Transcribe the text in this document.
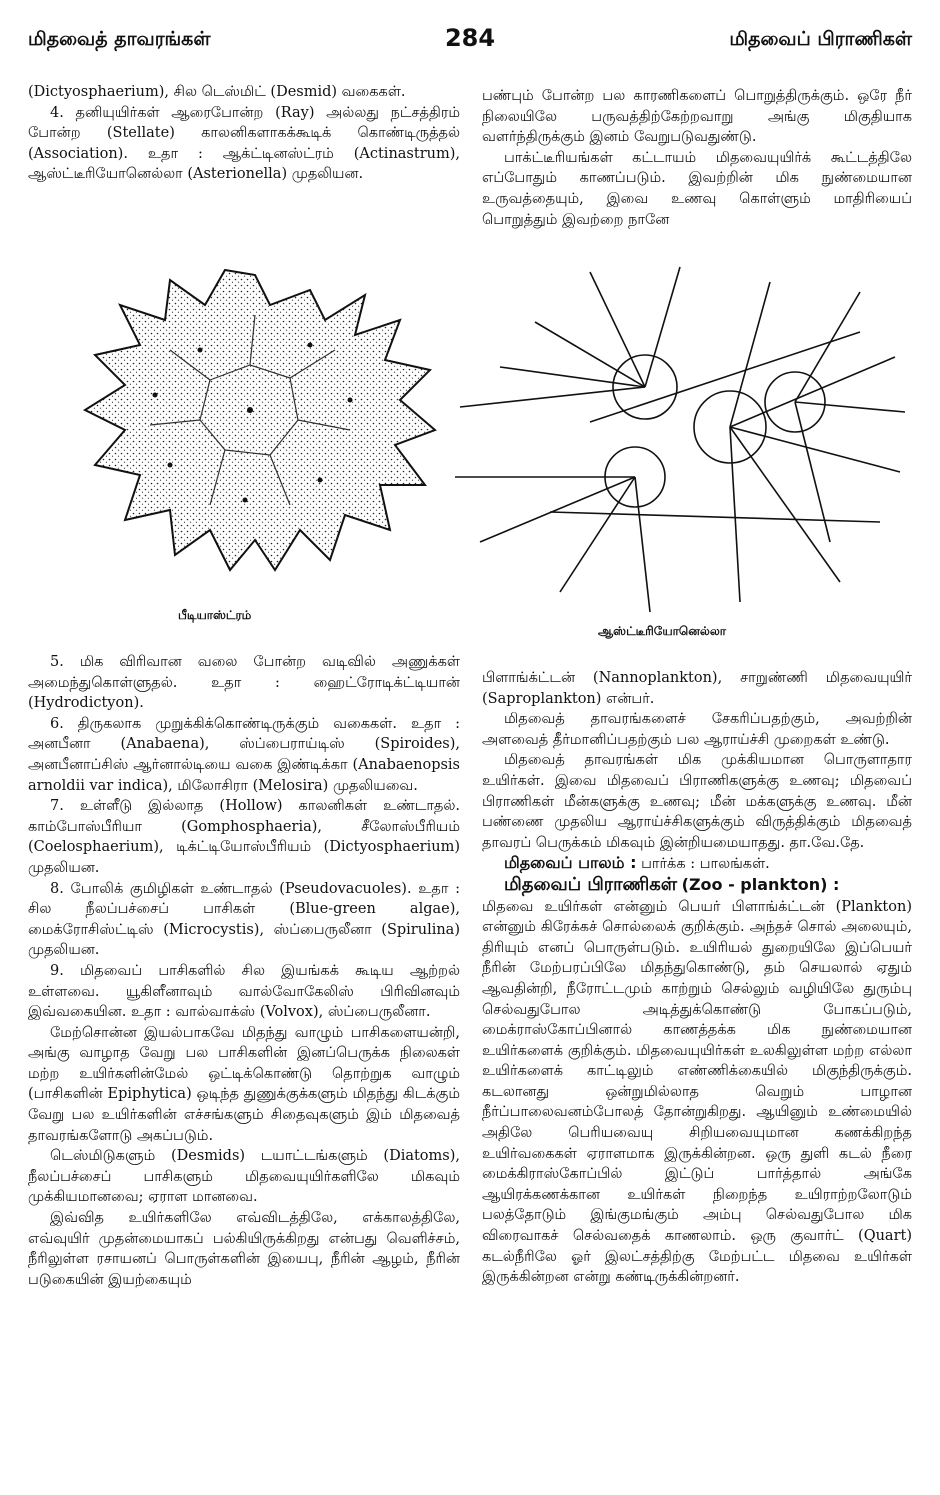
மிதவைத் தாவரங்கள்	284	மிதவைப் பிராணிகள்

(Dictyosphaerium), சில டெஸ்மிட் (Desmid) வகைகள்.

4. தனியுயிர்கள் ஆரைபோன்ற (Ray) அல்லது நட்சத்திரம் போன்ற (Stellate) காலனிகளாகக்கூடிக் கொண்டிருத்தல் (Association). உதா : ஆக்ட்டினஸ்ட்ரம் (Actinastrum), ஆஸ்ட்டீரியோனெல்லா (Asterionella) முதலியன.

பண்பும் போன்ற பல காரணிகளைப் பொறுத்திருக்கும். ஒரே நீர் நிலையிலே பருவத்திற்கேற்றவாறு அங்கு மிகுதியாக வளர்ந்திருக்கும் இனம் வேறுபடுவதுண்டு.

பாக்ட்டீரியங்கள் கட்டாயம் மிதவையுயிர்க் கூட்டத்திலே எப்போதும் காணப்படும். இவற்றின் மிக நுண்மையான உருவத்தையும், இவை உணவு கொள்ளும் மாதிரியைப் பொறுத்தும் இவற்றை நானே

பீடியாஸ்ட்ரம்
ஆஸ்ட்டீரியோனெல்லா

5. மிக விரிவான வலை போன்ற வடிவில் அணுக்கள் அமைந்துகொள்ளுதல். உதா : ஹைட்ரோடிக்ட்டியான் (Hydrodictyon).

6. திருகலாக முறுக்கிக்கொண்டிருக்கும் வகைகள். உதா : அனபீனா (Anabaena), ஸ்ப்பைராய்டிஸ் (Spiroides), அனபீனாப்சிஸ் ஆர்னால்டியை வகை இண்டிக்கா (Anabaenopsis arnoldii var indica), மிலோசிரா (Melosira) முதலியவை.

7. உள்ளீடு இல்லாத (Hollow) காலனிகள் உண்டாதல். காம்போஸ்பீரியா (Gomphosphaeria), சீலோஸ்பீரியம் (Coelosphaerium), டிக்ட்டியோஸ்பீரியம் (Dictyosphaerium) முதலியன.

8. போலிக் குமிழிகள் உண்டாதல் (Pseudovacuoles). உதா : சில நீலப்பச்சைப் பாசிகள் (Blue-green algae), மைக்ரோசிஸ்ட்டிஸ் (Microcystis), ஸ்ப்பைருலீனா (Spirulina) முதலியன.

9. மிதவைப் பாசிகளில் சில இயங்கக் கூடிய ஆற்றல் உள்ளவை. யூகிளீனாவும் வால்வோகேலிஸ் பிரிவினவும் இவ்வகையின. உதா : வால்வாக்ஸ் (Volvox), ஸ்ப்பைருலீனா.

மேற்சொன்ன இயல்பாகவே மிதந்து வாழும் பாசிகளையன்றி, அங்கு வாழாத வேறு பல பாசிகளின் இனப்பெருக்க நிலைகள் மற்ற உயிர்களின்மேல் ஒட்டிக்கொண்டு தொற்றுக வாழும் (பாசிகளின் Epiphytica) ஒடிந்த துணுக்குக்களும் மிதந்து கிடக்கும் வேறு பல உயிர்களின் எச்சங்களும் சிதைவுகளும் இம் மிதவைத் தாவரங்களோடு அகப்படும்.

டெஸ்மிடுகளும் (Desmids) டயாட்டங்களும் (Diatoms), நீலப்பச்சைப் பாசிகளும் மிதவையுயிர்களிலே மிகவும் முக்கியமானவை; ஏராள மானவை.

இவ்வித உயிர்களிலே எவ்விடத்திலே, எக்காலத்திலே, எவ்வுயிர் முதன்மையாகப் பல்கியிருக்கிறது என்பது வெளிச்சம், நீரிலுள்ள ரசாயனப் பொருள்களின் இயைபு, நீரின் ஆழம், நீரின் படுகையின் இயற்கையும்

பிளாங்க்ட்டன் (Nannoplankton), சாறுண்ணி மிதவையுயிர் (Saproplankton) என்பர்.

மிதவைத் தாவரங்களைச் சேகரிப்பதற்கும், அவற்றின் அளவைத் தீர்மானிப்பதற்கும் பல ஆராய்ச்சி முறைகள் உண்டு.

மிதவைத் தாவரங்கள் மிக முக்கியமான பொருளாதார உயிர்கள். இவை மிதவைப் பிராணிகளுக்கு உணவு; மிதவைப் பிராணிகள் மீன்களுக்கு உணவு; மீன் மக்களுக்கு உணவு. மீன் பண்ணை முதலிய ஆராய்ச்சிகளுக்கும் விருத்திக்கும் மிதவைத் தாவரப் பெருக்கம் மிகவும் இன்றியமையாதது. தா.வே.தே.

மிதவைப் பாலம் : பார்க்க : பாலங்கள்.

மிதவைப் பிராணிகள் (Zoo - plankton) :

மிதவை உயிர்கள் என்னும் பெயர் பிளாங்க்ட்டன் (Plankton) என்னும் கிரேக்கச் சொல்லைக் குறிக்கும். அந்தச் சொல் அலையும், திரியும் எனப் பொருள்படும். உயிரியல் துறையிலே இப்பெயர் நீரின் மேற்பரப்பிலே மிதந்துகொண்டு, தம் செயலால் ஏதும் ஆவதின்றி, நீரோட்டமும் காற்றும் செல்லும் வழியிலே துரும்பு செல்வதுபோல அடித்துக்கொண்டு போகப்படும், மைக்ராஸ்கோப்பினால் காணத்தக்க மிக நுண்மையான உயிர்களைக் குறிக்கும். மிதவையுயிர்கள் உலகிலுள்ள மற்ற எல்லா உயிர்களைக் காட்டிலும் எண்ணிக்கையில் மிகுந்திருக்கும். கடலானது ஒன்றுமில்லாத வெறும் பாழான நீர்ப்பாலைவனம்போலத் தோன்றுகிறது. ஆயினும் உண்மையில் அதிலே பெரியவையு சிறியவையுமான கணக்கிறந்த உயிர்வகைகள் ஏராளமாக இருக்கின்றன. ஒரு துளி கடல் நீரை மைக்கிராஸ்கோப்பில் இட்டுப் பார்த்தால் அங்கே ஆயிரக்கணக்கான உயிர்கள் நிறைந்த உயிராற்றலோடும் பலத்தோடும் இங்குமங்கும் அம்பு செல்வதுபோல மிக விரைவாகச் செல்வதைக் காணலாம். ஒரு குவார்ட் (Quart) கடல்நீரிலே ஓர் இலட்சத்திற்கு மேற்பட்ட மிதவை உயிர்கள் இருக்கின்றன என்று கண்டிருக்கின்றனர்.
